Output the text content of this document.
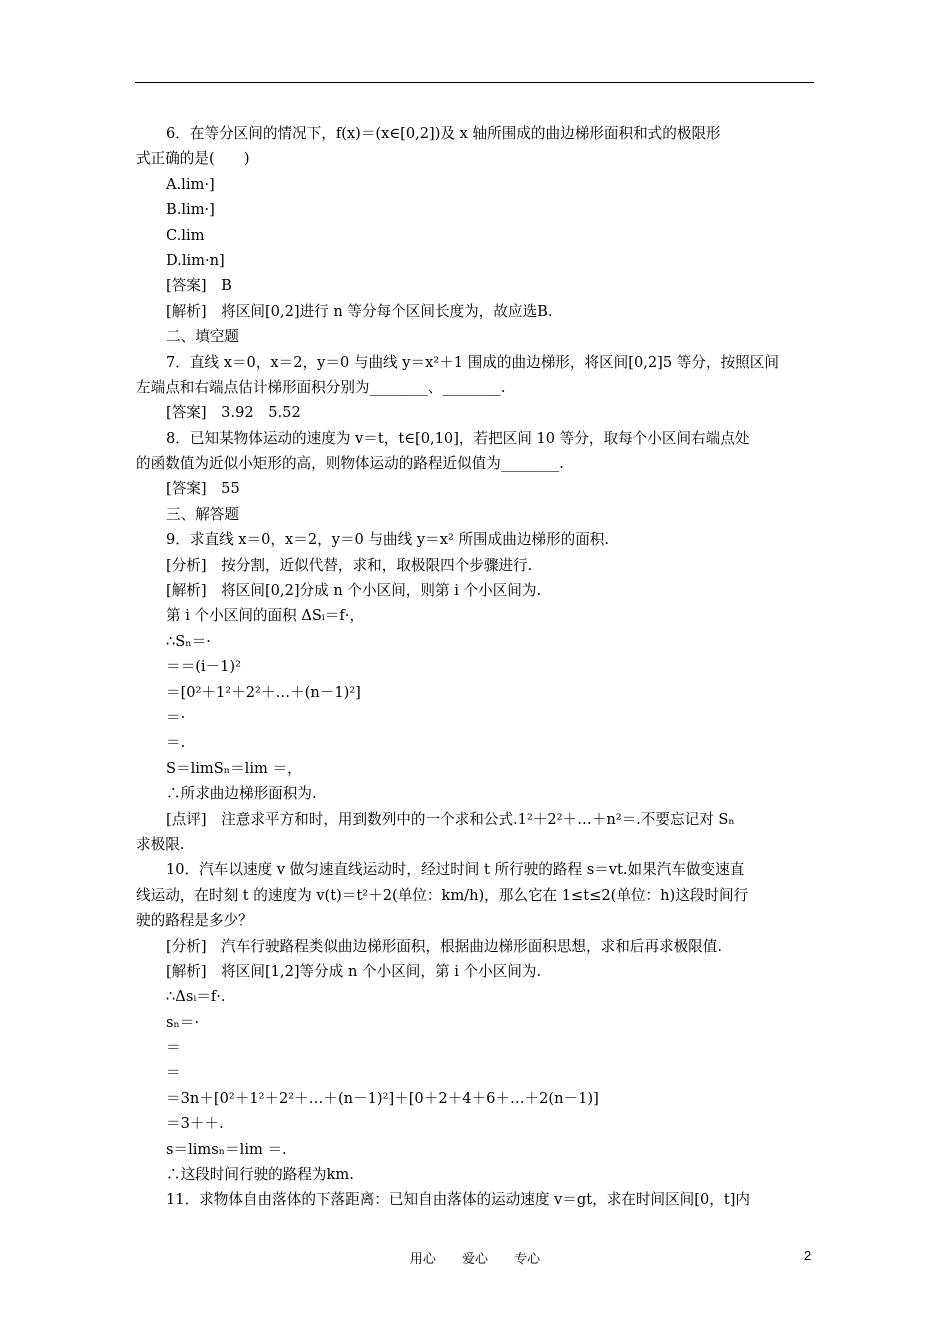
6．在等分区间的情况下，f(x)＝(x∈[0,2])及 x 轴所围成的曲边梯形面积和式的极限形
式正确的是(　　)
A.lim·]
B.lim·]
C.lim
D.lim·n]
[答案]　B
[解析]　将区间[0,2]进行 n 等分每个区间长度为，故应选B.
二、填空题
7．直线 x＝0，x＝2，y＝0 与曲线 y＝x²＋1 围成的曲边梯形，将区间[0,2]5 等分，按照区间
左端点和右端点估计梯形面积分别为________、________.
[答案]　3.92　5.52
8．已知某物体运动的速度为 v＝t，t∈[0,10]，若把区间 10 等分，取每个小区间右端点处
的函数值为近似小矩形的高，则物体运动的路程近似值为________.
[答案]　55
三、解答题
9．求直线 x＝0，x＝2，y＝0 与曲线 y＝x² 所围成曲边梯形的面积.
[分析]　按分割，近似代替，求和，取极限四个步骤进行.
[解析]　将区间[0,2]分成 n 个小区间，则第 i 个小区间为.
第 i 个小区间的面积 ΔSᵢ＝f·，
∴Sₙ＝·
＝＝(i－1)²
＝[0²＋1²＋2²＋…＋(n－1)²]
＝·
＝.
S＝limSₙ＝lim ＝，
∴所求曲边梯形面积为.
[点评]　注意求平方和时，用到数列中的一个求和公式.1²＋2²＋…＋n²＝.不要忘记对 Sₙ
求极限.
10．汽车以速度 v 做匀速直线运动时，经过时间 t 所行驶的路程 s＝vt.如果汽车做变速直
线运动，在时刻 t 的速度为 v(t)＝t²＋2(单位：km/h)，那么它在 1≤t≤2(单位：h)这段时间行
驶的路程是多少？
[分析]　汽车行驶路程类似曲边梯形面积，根据曲边梯形面积思想，求和后再求极限值.
[解析]　将区间[1,2]等分成 n 个小区间，第 i 个小区间为.
∴Δsᵢ＝f·.
sₙ＝·
＝
＝
＝3n＋[0²＋1²＋2²＋…＋(n－1)²]＋[0＋2＋4＋6＋…＋2(n－1)]
＝3＋＋.
s＝limsₙ＝lim ＝.
∴这段时间行驶的路程为km.
11．求物体自由落体的下落距离：已知自由落体的运动速度 v＝gt，求在时间区间[0，t]内
用心 爱心 专心	2
